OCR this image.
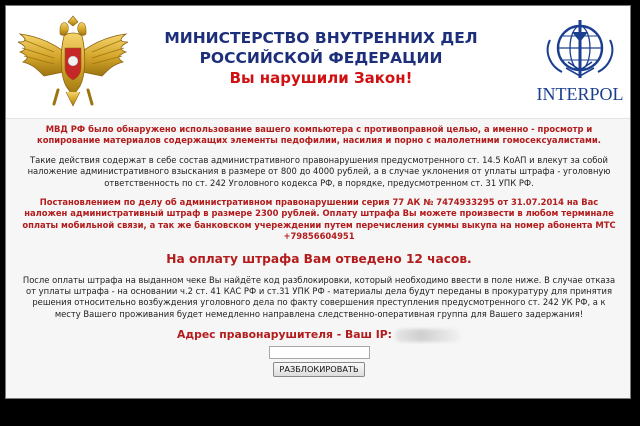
МИНИСТЕРСТВО ВНУТРЕННИХ ДЕЛ

РОССИЙСКОЙ ФЕДЕРАЦИИ

Вы нарушили Закон!

INTERPOL

МВД РФ было обнаружено использование вашего компьютера с противоправной целью, а именно - просмотр и копирование материалов содержащих элементы педофилии, насилия и порно с малолетними гомосексуалистами.

Такие действия содержат в себе состав административного правонарушения предусмотренного ст. 14.5 КоАП и влекут за собой наложение административного взыскания в размере от 800 до 4000 рублей, а в случае уклонения от уплаты штрафа - уголовную ответственность по ст. 242 Уголовного кодекса РФ, в порядке, предусмотренном ст. 31 УПК РФ.

Постановлением по делу об административном правонарушении серия 77 АК № 7474933295 от 31.07.2014 на Вас наложен административный штраф в размере 2300 рублей. Оплату штрафа Вы можете произвести в любом терминале оплаты мобильной связи, а так же банковском учереждении путем перечисления суммы выкупа на номер абонента МТС +79856604951

На оплату штрафа Вам отведено 12 часов.

После оплаты штрафа на выданном чеке Вы найдёте код разблокировки, который необходимо ввести в поле ниже. В случае отказа от уплаты штрафа - на основании ч.2 ст. 41 КАС РФ и ст.31 УПК РФ - материалы дела будут переданы в прокуратуру для принятия решения относительно возбуждения уголовного дела по факту совершения преступления предусмотренного ст. 242 УК РФ, а к месту Вашего проживания будет немедленно направлена следственно-оперативная группа для Вашего задержания!

Адрес правонарушителя - Ваш IP:
РАЗБЛОКИРОВАТЬ
